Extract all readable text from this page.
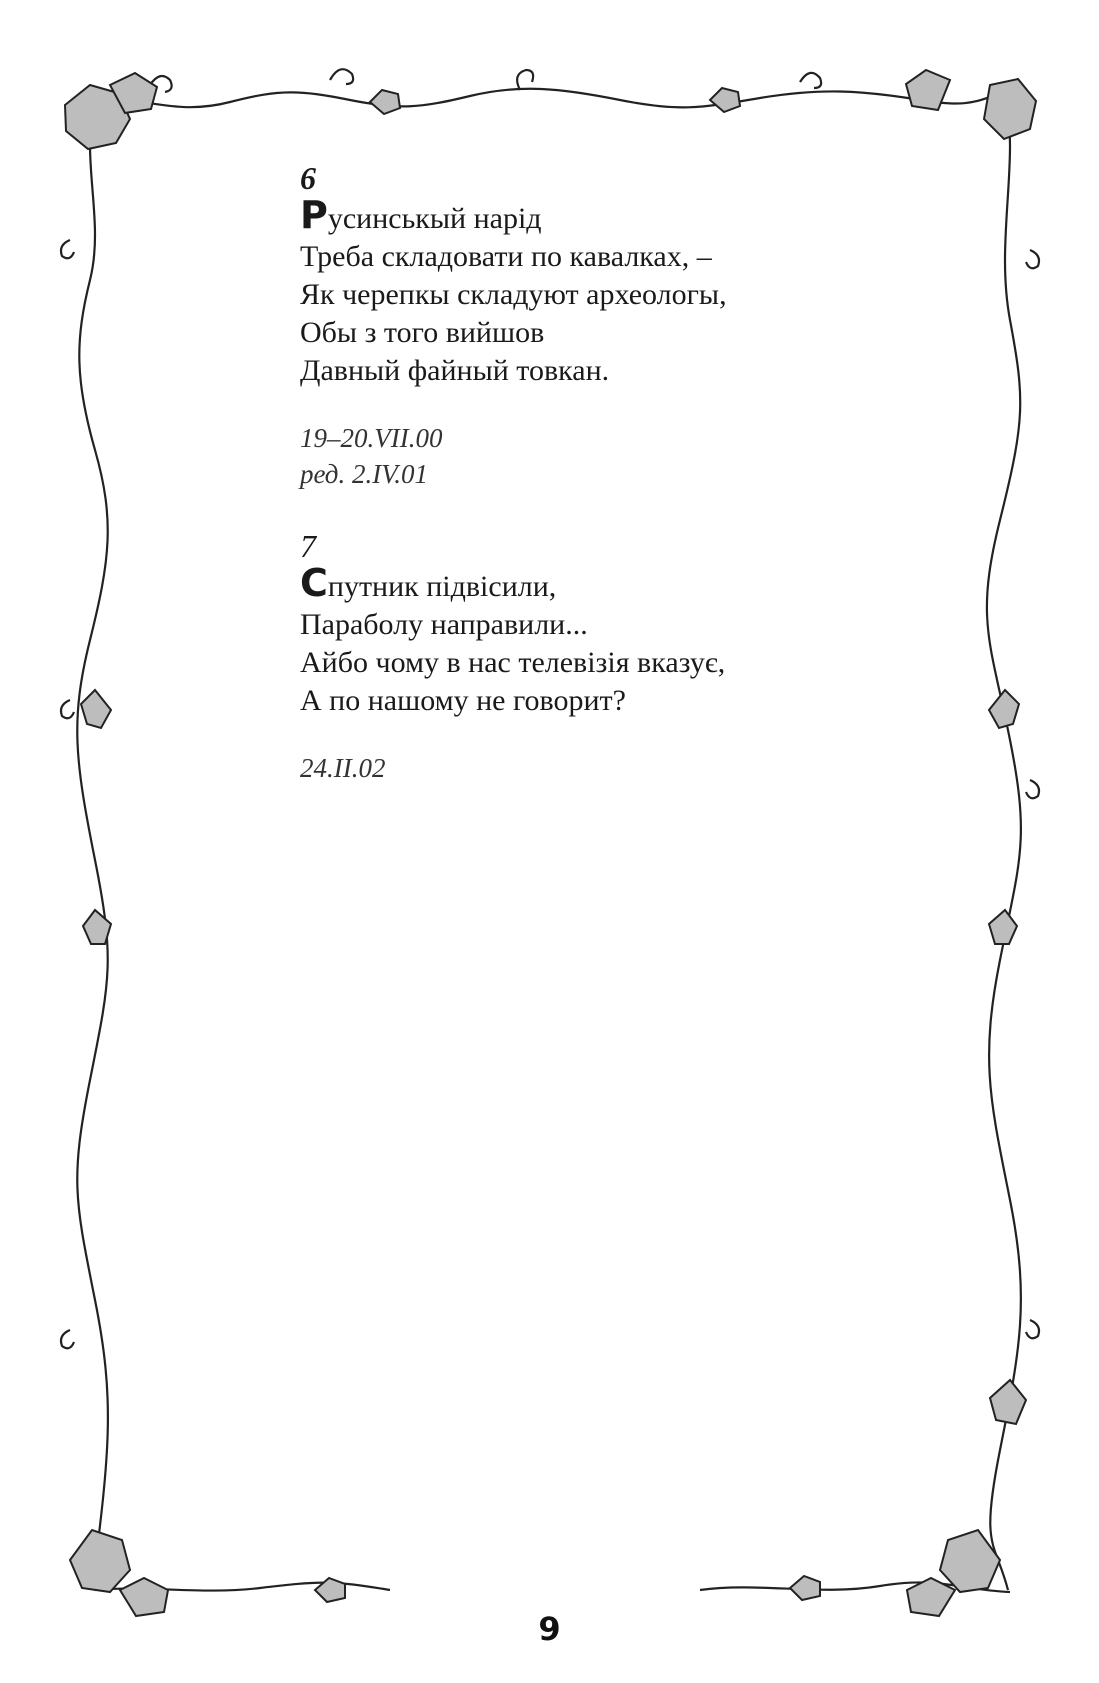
6

Русинськый нарід

Треба складовати по кавалках, –

Як черепкы складуют археологы,

Обы з того вийшов

Давный файный товкан.

19–20.VII.00

ред. 2.IV.01

7

Спутник підвісили,

Параболу направили...

Айбо чому в нас телевізія вказує,

А по нашому не говорит?

24.II.02

9
